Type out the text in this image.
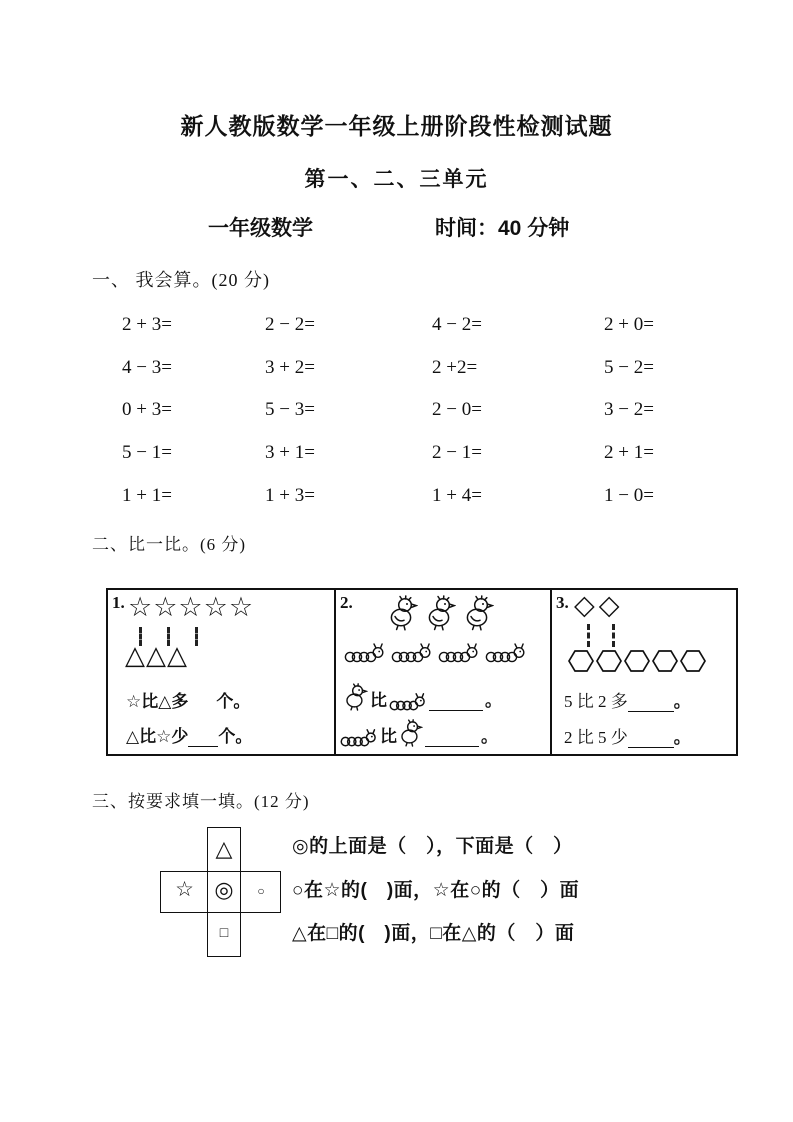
新人教版数学一年级上册阶段性检测试题
第一、二、三单元
一年级数学	时间：40 分钟
一、 我会算。(20 分)
2 + 3=	2 − 2=	4 − 2=	2 + 0=
4 − 3=	3 + 2=	2 +2=	5 − 2=
0 + 3=	5 − 3=	2 − 0=	3 − 2=
5 − 1=	3 + 1=	2 − 1=	2 + 1=
1 + 1=	1 + 3=	1 + 4=	1 − 0=
二、比一比。(6 分)
1. ☆☆☆☆☆
△△△
☆比△多 个。
△比☆少 个。
2.
比	。
比	。
3. ◇◇
5 比 2 多	。
2 比 5 少	。
三、按要求填一填。(12 分)
△
☆ ◎	○
□
◎的上面是（　），下面是（　）
○在☆的(　)面，☆在○的（　）面
△在□的(　)面，□在△的（　）面
